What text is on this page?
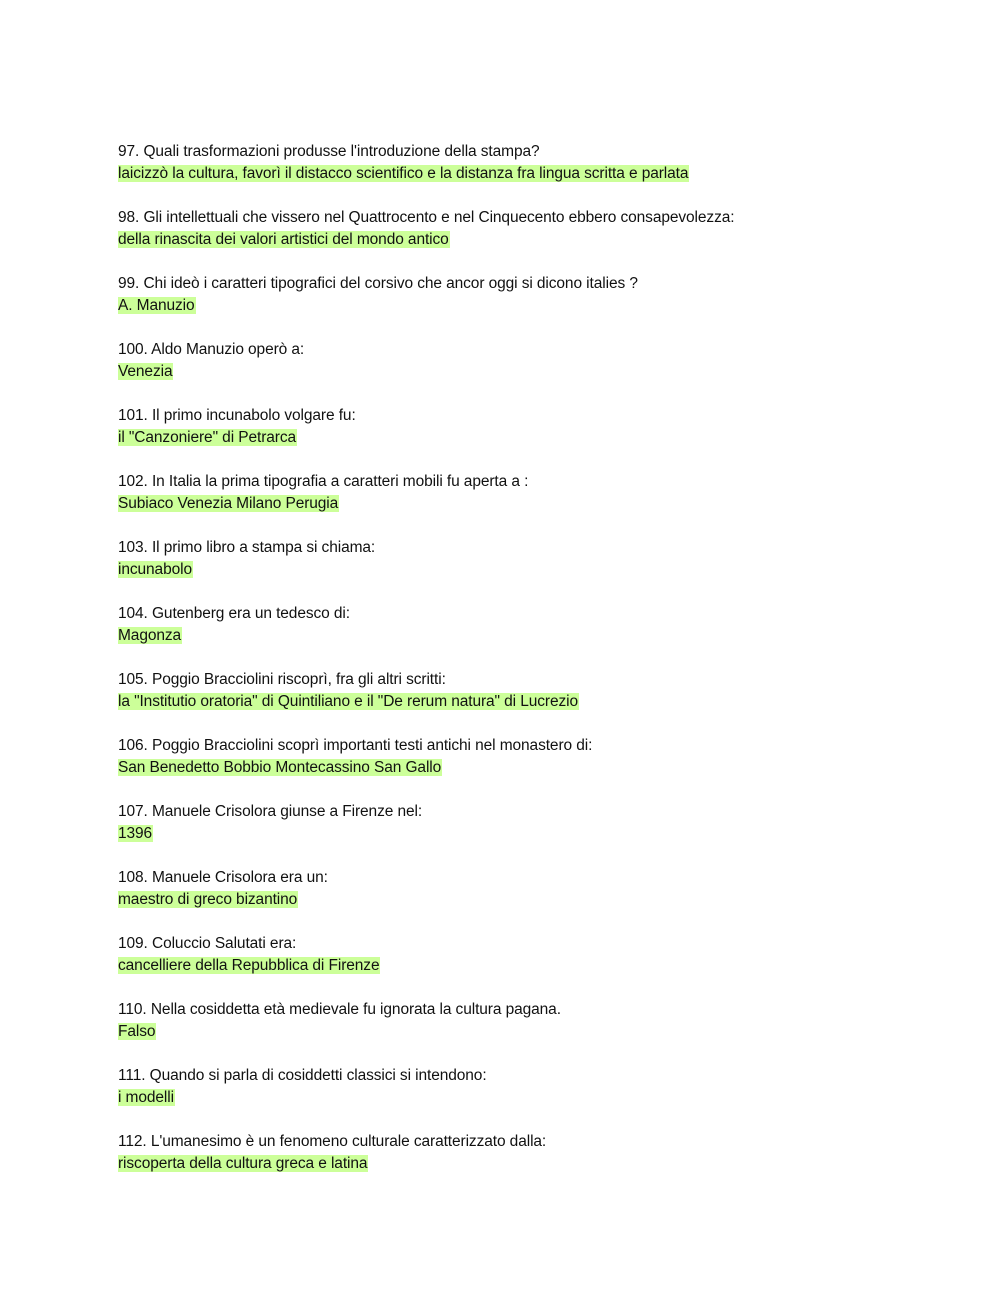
97. Quali trasformazioni produsse l'introduzione della stampa?
laicizzò la cultura, favorì il distacco scientifico e la distanza fra lingua scritta e parlata
98. Gli intellettuali che vissero nel Quattrocento e nel Cinquecento ebbero consapevolezza:
della rinascita dei valori artistici del mondo antico
99. Chi ideò i caratteri tipografici del corsivo che ancor oggi si dicono italies ?
A. Manuzio
100. Aldo Manuzio operò a:
Venezia
101. Il primo incunabolo volgare fu:
il "Canzoniere" di Petrarca
102. In Italia la prima tipografia a caratteri mobili fu aperta a :
Subiaco Venezia Milano Perugia
103. Il primo libro a stampa si chiama:
incunabolo
104. Gutenberg era un tedesco di:
Magonza
105. Poggio Bracciolini riscoprì, fra gli altri scritti:
la "Institutio oratoria" di Quintiliano e il "De rerum natura" di Lucrezio
106. Poggio Bracciolini scoprì importanti testi antichi nel monastero di:
San Benedetto Bobbio Montecassino San Gallo
107. Manuele Crisolora giunse a Firenze nel:
1396
108. Manuele Crisolora era un:
maestro di greco bizantino
109. Coluccio Salutati era:
cancelliere della Repubblica di Firenze
110. Nella cosiddetta età medievale fu ignorata la cultura pagana.
Falso
111. Quando si parla di cosiddetti classici si intendono:
i modelli
112. L'umanesimo è un fenomeno culturale caratterizzato dalla:
riscoperta della cultura greca e latina
